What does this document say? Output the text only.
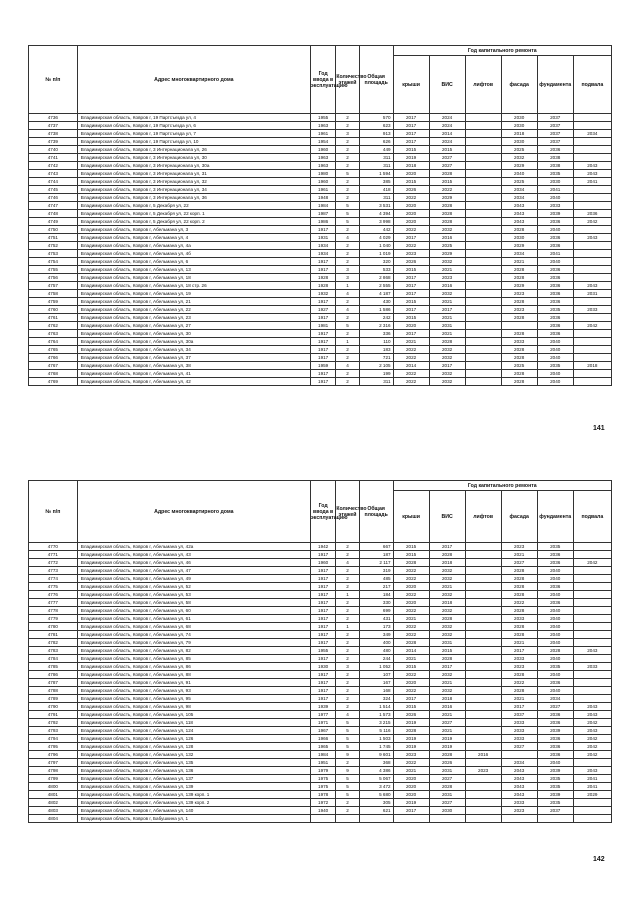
№ п/п	Адрес многоквартирного дома	Год ввода в эксплуатацию	Количество этажей	Общая площадь	Год капитального ремонта					
					крыши	ВИС	лифтов	фасада	фундамента	подвала
4736	Владимирская область, Ковров г, 19 Партсъезда ул, 4	1955	2	570	2017	2024		2030	2037	
4737	Владимирская область, Ковров г, 19 Партсъезда ул, 6	1963	2	623	2017	2024		2030	2037	
4738	Владимирская область, Ковров г, 19 Партсъезда ул, 7	1961	3	913	2017	2014		2018	2037	2034
4739	Владимирская область, Ковров г, 19 Партсъезда ул, 10	1954	2	626	2017	2024		2030	2037	
4740	Владимирская область, Ковров г, 3 Интернационала ул, 26	1960	2	449	2015	2015		2025	2036	
4741	Владимирская область, Ковров г, 3 Интернационала ул, 30	1963	2	311	2019	2027		2032	2038	
4742	Владимирская область, Ковров г, 3 Интернационала ул, 30а	1963	2	311	2018	2027		2029	2038	2043
4743	Владимирская область, Ковров г, 3 Интернационала ул, 31	1980	5	1 594	2020	2028		2040	2035	2043
4744	Владимирская область, Ковров г, 3 Интернационала ул, 32	1960	2	385	2015	2015		2025	2030	2041
4745	Владимирская область, Ковров г, 3 Интернационала ул, 34	1961	2	418	2026	2022		2034	2041	
4746	Владимирская область, Ковров г, 3 Интернационала ул, 36	1948	2	311	2022	2029		2034	2040	
4747	Владимирская область, Ковров г, 5 Декабря ул, 22	1984	5	3 531	2020	2028		2043	2033	
4748	Владимирская область, Ковров г, 5 Декабря ул, 22 корп. 1	1987	5	4 394	2020	2028		2043	2039	2036
4749	Владимирская область, Ковров г, 5 Декабря ул, 22 корп. 2	1986	5	3 998	2020	2028		2043	2036	2042
4750	Владимирская область, Ковров г, Абельмана ул, 3	1917	2	442	2022	2032		2028	2040	
4751	Владимирская область, Ковров г, Абельмана ул, 4	1931	4	4 029	2017	2016		2030	2036	2043
4752	Владимирская область, Ковров г, Абельмана ул, 4а	1934	2	1 040	2022	2025		2029	2036	
4753	Владимирская область, Ковров г, Абельмана ул, 4б	1934	2	1 019	2023	2029		2034	2041	
4754	Владимирская область, Ковров г, Абельмана ул, 6	1917	2	320	2026	2032		2021	2040	
4755	Владимирская область, Ковров г, Абельмана ул, 13	1917	3	533	2015	2021		2028	2036	
4756	Владимирская область, Ковров г, Абельмана ул, 18	1928	3	2 868	2017	2023		2028	2036	
4757	Владимирская область, Ковров г, Абельмана ул, 18 стр. 26	1928	1	2 555	2017	2016		2029	2036	2043
4758	Владимирская область, Ковров г, Абельмана ул, 19	1932	4	4 187	2017	2032		2023	2036	2031
4759	Владимирская область, Ковров г, Абельмана ул, 21	1917	2	430	2015	2021		2028	2036	
4760	Владимирская область, Ковров г, Абельмана ул, 22	1927	4	1 586	2017	2017		2023	2035	2033
4761	Владимирская область, Ковров г, Абельмана ул, 23	1917	2	242	2015	2021		2028	2036	
4762	Владимирская область, Ковров г, Абельмана ул, 27	1981	5	2 316	2020	2031			2036	2042
4763	Владимирская область, Ковров г, Абельмана ул, 30	1917	2	336	2017	2021		2028	2036	
4764	Владимирская область, Ковров г, Абельмана ул, 30а	1917	1	110	2021	2028		2033	2040	
4765	Владимирская область, Ковров г, Абельмана ул, 34	1917	2	183	2022	2032		2028	2040	
4766	Владимирская область, Ковров г, Абельмана ул, 37	1917	2	721	2022	2032		2028	2040	
4767	Владимирская область, Ковров г, Абельмана ул, 38	1959	4	2 105	2014	2017		2025	2035	2018
4768	Владимирская область, Ковров г, Абельмана ул, 41	1917	2	199	2022	2032		2028	2040	
4769	Владимирская область, Ковров г, Абельмана ул, 42	1917	2	311	2022	2032		2028	2040	
141
№ п/п	Адрес многоквартирного дома	Год ввода в эксплуатацию	Количество этажей	Общая площадь	Год капитального ремонта					
					крыши	ВИС	лифтов	фасада	фундамента	подвала
4770	Владимирская область, Ковров г, Абельмана ул, 42а	1942	2	667	2015	2017		2023	2035	
4771	Владимирская область, Ковров г, Абельмана ул, 43	1917	2	187	2015	2028		2021	2036	
4772	Владимирская область, Ковров г, Абельмана ул, 46	1960	4	2 117	2028	2018		2027	2036	2042
4773	Владимирская область, Ковров г, Абельмана ул, 47	1917	2	319	2022	2032		2028	2040	
4774	Владимирская область, Ковров г, Абельмана ул, 49	1917	2	485	2022	2032		2028	2040	
4775	Владимирская область, Ковров г, Абельмана ул, 52	1917	2	217	2020	2021		2028	2036	
4776	Владимирская область, Ковров г, Абельмана ул, 53	1917	1	184	2022	2032		2028	2040	
4777	Владимирская область, Ковров г, Абельмана ул, 58	1917	2	330	2020	2018		2022	2036	
4778	Владимирская область, Ковров г, Абельмана ул, 60	1917	2	699	2022	2032		2028	2040	
4779	Владимирская область, Ковров г, Абельмана ул, 61	1917	2	431	2021	2028		2033	2040	
4780	Владимирская область, Ковров г, Абельмана ул, 68	1917	1	173	2022	2032		2028	2040	
4781	Владимирская область, Ковров г, Абельмана ул, 74	1917	2	349	2022	2032		2028	2040	
4782	Владимирская область, Ковров г, Абельмана ул, 79	1917	2	400	2028	2031		2021	2040	
4783	Владимирская область, Ковров г, Абельмана ул, 82	1955	2	480	2014	2015		2017	2028	2043
4784	Владимирская область, Ковров г, Абельмана ул, 85	1917	2	244	2021	2028		2033	2040	
4785	Владимирская область, Ковров г, Абельмана ул, 86	1930	3	1 052	2015	2017		2023	2035	2033
4786	Владимирская область, Ковров г, Абельмана ул, 88	1917	2	107	2022	2032		2028	2040	
4787	Владимирская область, Ковров г, Абельмана ул, 91	1917	2	167	2020	2021		2022	2036	
4788	Владимирская область, Ковров г, Абельмана ул, 93	1917	2	168	2022	2032		2028	2040	
4789	Владимирская область, Ковров г, Абельмана ул, 95	1917	2	324	2017	2018		2021	2034	
4790	Владимирская область, Ковров г, Абельмана ул, 98	1939	2	1 514	2015	2016		2017	2027	2043
4791	Владимирская область, Ковров г, Абельмана ул, 105	1977	4	1 573	2026	2021		2037	2036	2043
4792	Владимирская область, Ковров г, Абельмана ул, 118	1971	5	3 215	2019	2027		2033	2036	2042
4793	Владимирская область, Ковров г, Абельмана ул, 124	1967	5	5 116	2028	2021		2033	2039	2043
4794	Владимирская область, Ковров г, Абельмана ул, 126	1966	5	1 503	2019	2019		2033	2036	2042
4795	Владимирская область, Ковров г, Абельмана ул, 128	1965	5	1 745	2019	2019		2027	2036	2042
4796	Владимирская область, Ковров г, Абельмана ул, 132	1984	9	9 601	2023	2028	2016		2036	2042
4797	Владимирская область, Ковров г, Абельмана ул, 135	1951	2	368	2022	2026		2034	2040	
4798	Владимирская область, Ковров г, Абельмана ул, 136	1979	9	4 386	2021	2031	2023	2043	2039	2043
4799	Владимирская область, Ковров г, Абельмана ул, 137	1975	5	5 067	2020	2027		2043	2035	2041
4800	Владимирская область, Ковров г, Абельмана ул, 139	1975	5	3 472	2020	2028		2043	2035	2041
4801	Владимирская область, Ковров г, Абельмана ул, 139 корп. 1	1978	5	5 680	2020	2031		2043	2039	2029
4802	Владимирская область, Ковров г, Абельмана ул, 139 корп. 2	1972	2	305	2019	2027		2033	2035	
4803	Владимирская область, Ковров г, Абельмана ул, 140	1940	2	621	2017	2030		2023	2037	
4804	Владимирская область, Ковров г, Бабушкина ул, 1									
142
